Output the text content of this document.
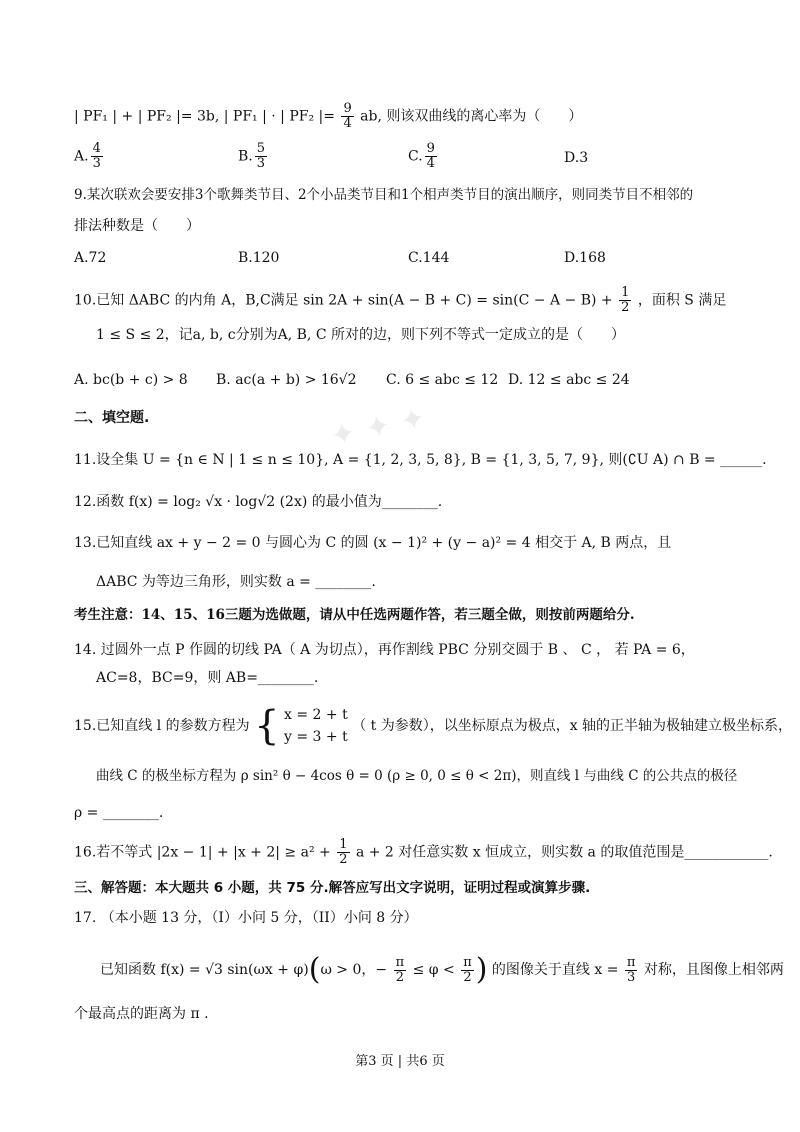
✦ ✦ ✦
| PF₁ | + | PF₂ |= 3b, | PF₁ | · | PF₂ |= $\frac{9}{4}$ ab, 则该双曲线的离心率为（　　）
A. $\frac{4}{3}$	B. $\frac{5}{3}$	C. $\frac{9}{4}$	D.3
9.某次联欢会要安排3个歌舞类节目、2个小品类节目和1个相声类节目的演出顺序，则同类节目不相邻的
排法种数是（　　）
A.72	B.120	C.144	D.168
10.已知 ΔABC 的内角 A，B,C满足 $\sin 2A + \sin(A - B + C) = \sin(C - A - B) + \frac{1}{2}$ ，面积 S 满足
1 ≤ S ≤ 2，记a, b, c分别为A, B, C 所对的边，则下列不等式一定成立的是（　　）
A. bc(b + c) > 8 B. ac(a + b) > 16√2 C. 6 ≤ abc ≤ 12 D. 12 ≤ abc ≤ 24
二、填空题.
11.设全集 U = {n ∈ N | 1 ≤ n ≤ 10}, A = {1, 2, 3, 5, 8}, B = {1, 3, 5, 7, 9}, 则(∁U A) ∩ B = ______.
12.函数 f(x) = log₂ √x · log√2 (2x) 的最小值为________.
13.已知直线 ax + y − 2 = 0 与圆心为 C 的圆 (x − 1)² + (y − a)² = 4 相交于 A, B 两点，且
ΔABC 为等边三角形，则实数 a = ________.
考生注意：14、15、16三题为选做题，请从中任选两题作答，若三题全做，则按前两题给分.
14. 过圆外一点 P 作圆的切线 PA（ A 为切点），再作割线 PBC 分别交圆于 B 、 C ， 若 PA = 6，
AC=8，BC=9，则 AB=________.
15.已知直线 l 的参数方程为 { x = 2 + t
y = 3 + t
（ t 为参数），以坐标原点为极点，x 轴的正半轴为极轴建立极坐标系，
曲线 C 的极坐标方程为 ρ sin² θ − 4cos θ = 0 (ρ ≥ 0, 0 ≤ θ < 2π)，则直线 l 与曲线 C 的公共点的极径
ρ = ________.
16.若不等式 $|2x - 1| + |x + 2| \ge a^2 + \frac{1}{2}$ a + 2 对任意实数 x 恒成立，则实数 a 的取值范围是____________.
三、解答题：本大题共 6 小题，共 75 分.解答应写出文字说明，证明过程或演算步骤.
17. （本小题 13 分，（I）小问 5 分，（II）小问 8 分）
已知函数 f(x) = √3 sin(ωx + φ)(ω > 0，− $\frac{\pi}{2} \le \varphi < \frac{\pi}{2}$ ) 的图像关于直线 $x = \frac{\pi}{3}$ 对称，且图像上相邻两
个最高点的距离为 π .
第3 页 | 共6 页
